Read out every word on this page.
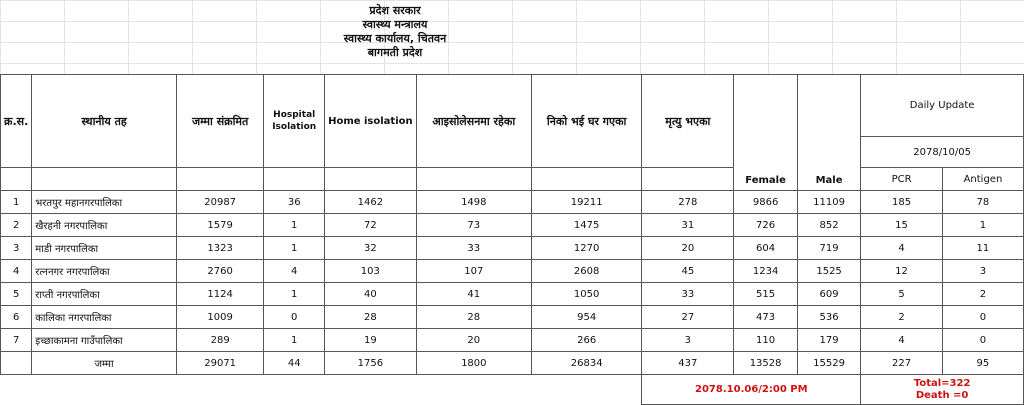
प्रदेश सरकार
स्वास्थ्य मन्त्रालय
स्वास्थ्य कार्यालय, चितवन
बागमती प्रदेश
क्र.स.	स्थानीय तह	जम्मा संक्रमित	Hospital Isolation	Home isolation	आइसोलेसनमा रहेका	निको भई घर गएका	मृत्यु भएका	Female	Male	Daily Update	
										2078/10/05	
										PCR	Antigen
1	भरतपुर महानगरपालिका	20987	36	1462	1498	19211	278	9866	11109	185	78
2	खैरहनी नगरपालिका	1579	1	72	73	1475	31	726	852	15	1
3	माडी नगरपालिका	1323	1	32	33	1270	20	604	719	4	11
4	रत्ननगर नगरपालिका	2760	4	103	107	2608	45	1234	1525	12	3
5	राप्ती नगरपालिका	1124	1	40	41	1050	33	515	609	5	2
6	कालिका नगरपालिका	1009	0	28	28	954	27	473	536	2	0
7	इच्छाकामना गाउँपालिका	289	1	19	20	266	3	110	179	4	0
	जम्मा	29071	44	1756	1800	26834	437	13528	15529	227	95
							2078.10.06/2:00 PM			Total=322
Death =0	
